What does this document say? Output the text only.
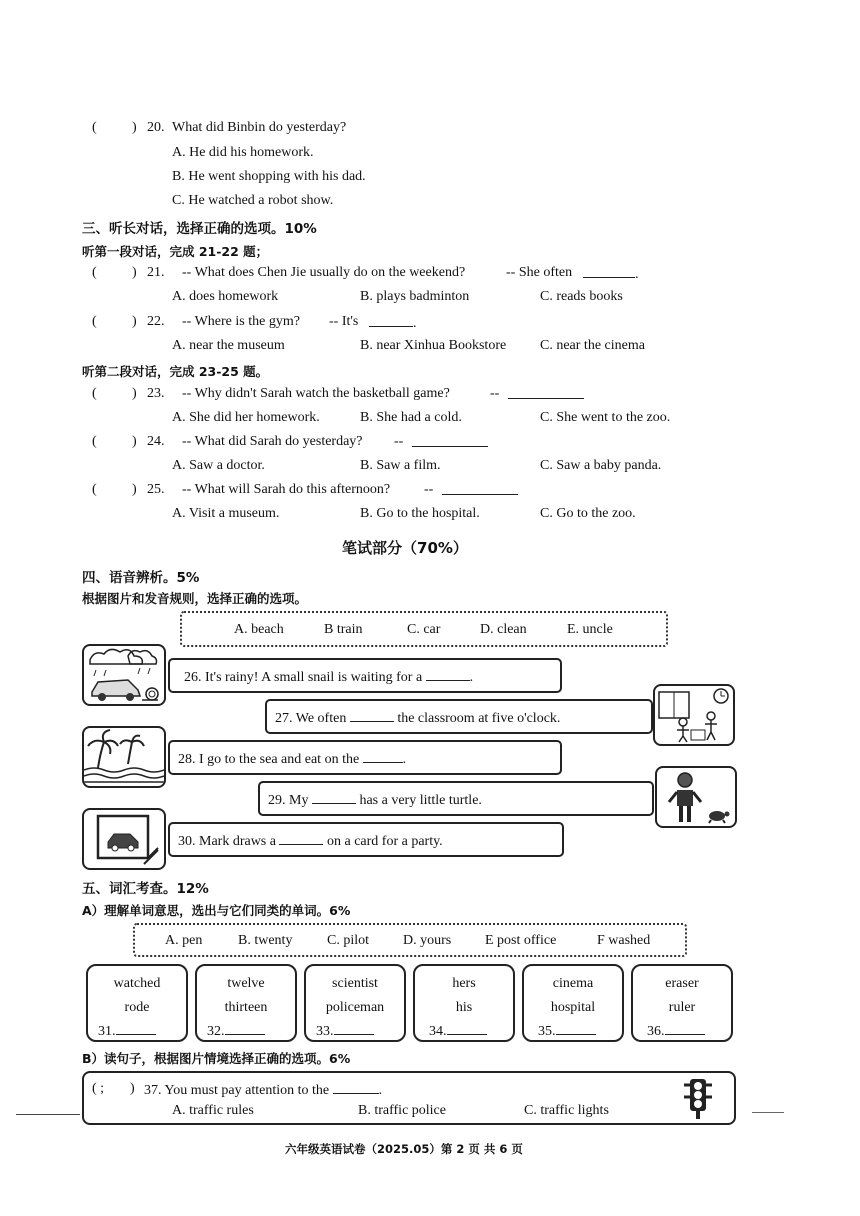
(	) 20. What did Binbin do yesterday?
A. He did his homework.
B. He went shopping with his dad.
C. He watched a robot show.
三、听长对话，选择正确的选项。10%
听第一段对话，完成 21-22 题；
(	) 21. -- What does Chen Jie usually do on the weekend?	-- She often	.
A. does homework	B. plays badminton	C. reads books
(	) 22. -- Where is the gym? -- It's	.
A. near the museum	B. near Xinhua Bookstore C. near the cinema
听第二段对话，完成 23-25 题。
(	) 23. -- Why didn't Sarah watch the basketball game?	--
A. She did her homework.	B. She had a cold.	C. She went to the zoo.
(	) 24. -- What did Sarah do yesterday? --
A. Saw a doctor.	B. Saw a film.	C. Saw a baby panda.
(	) 25. -- What will Sarah do this afternoon? --
A. Visit a museum.	B. Go to the hospital.	C. Go to the zoo.
笔试部分（70%）
四、语音辨析。5%
根据图片和发音规则，选择正确的选项。
A. beach	B train	C. car	D. clean	E. uncle
26. It's rainy! A small snail is waiting for a	.
27. We often	the classroom at five o'clock.
28. I go to the sea and eat on the	.
29. My	has a very little turtle.
30. Mark draws a	on a card for a party.
五、词汇考查。12%
A）理解单词意思，选出与它们同类的单词。6%
A. pen	B. twenty C. pilot D. yours E post office	F washed
watched
rode
31.
twelve
thirteen
32.
scientist
policeman
33.
hers
his
34.
cinema
hospital
35.
eraser
ruler
36.
B）读句子，根据图片情境选择正确的选项。6%
( ; ) 37. You must pay attention to the	.
A. traffic rules	B. traffic police	C. traffic lights
六年级英语试卷（2025.05）第 2 页 共 6 页
